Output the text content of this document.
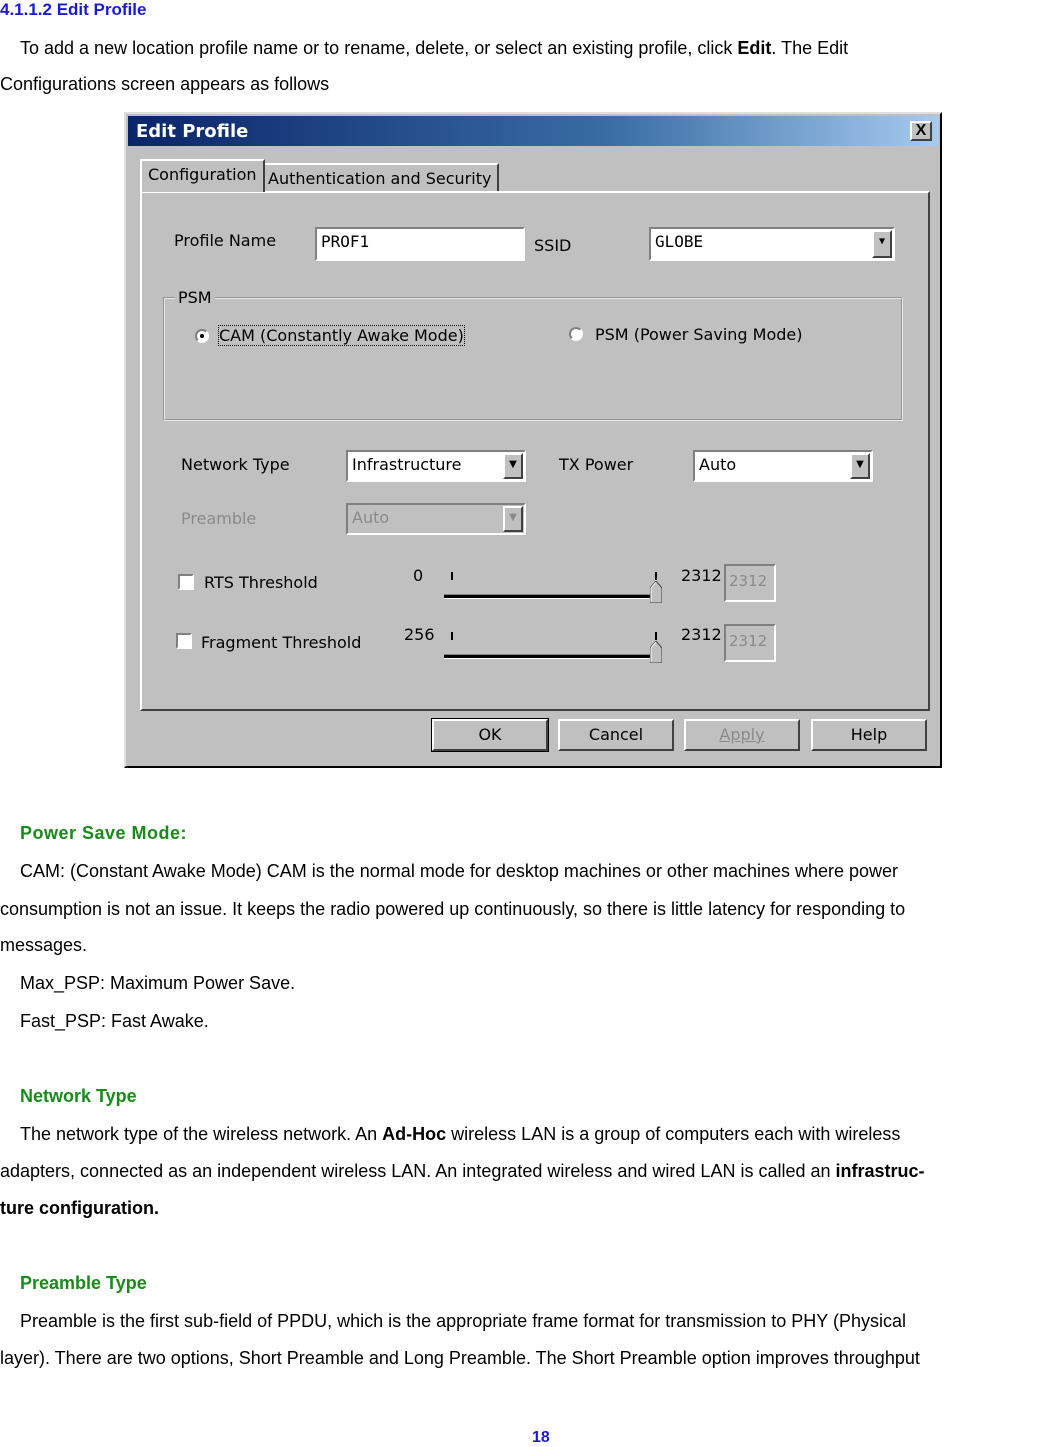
4.1.1.2 Edit Profile
To add a new location profile name or to rename, delete, or select an existing profile, click Edit. The Edit
Configurations screen appears as follows
Edit Profile	X
Configuration Authentication and Security
Profile Name	PROF1	SSID	GLOBE	▼
PSM
CAM (Constantly Awake Mode)	PSM (Power Saving Mode)
Network Type	Infrastructure	▼	TX Power	Auto	▼
Preamble	Auto	▼
RTS Threshold	0	2312 2312
Fragment Threshold	256	2312 2312
OK	Cancel	Apply	Help
Power Save Mode:
CAM: (Constant Awake Mode) CAM is the normal mode for desktop machines or other machines where power
consumption is not an issue. It keeps the radio powered up continuously, so there is little latency for responding to
messages.
Max_PSP: Maximum Power Save.
Fast_PSP: Fast Awake.
Network Type
The network type of the wireless network. An Ad-Hoc wireless LAN is a group of computers each with wireless
adapters, connected as an independent wireless LAN. An integrated wireless and wired LAN is called an infrastruc-
ture configuration.
Preamble Type
Preamble is the first sub-field of PPDU, which is the appropriate frame format for transmission to PHY (Physical
layer). There are two options, Short Preamble and Long Preamble. The Short Preamble option improves throughput
18
